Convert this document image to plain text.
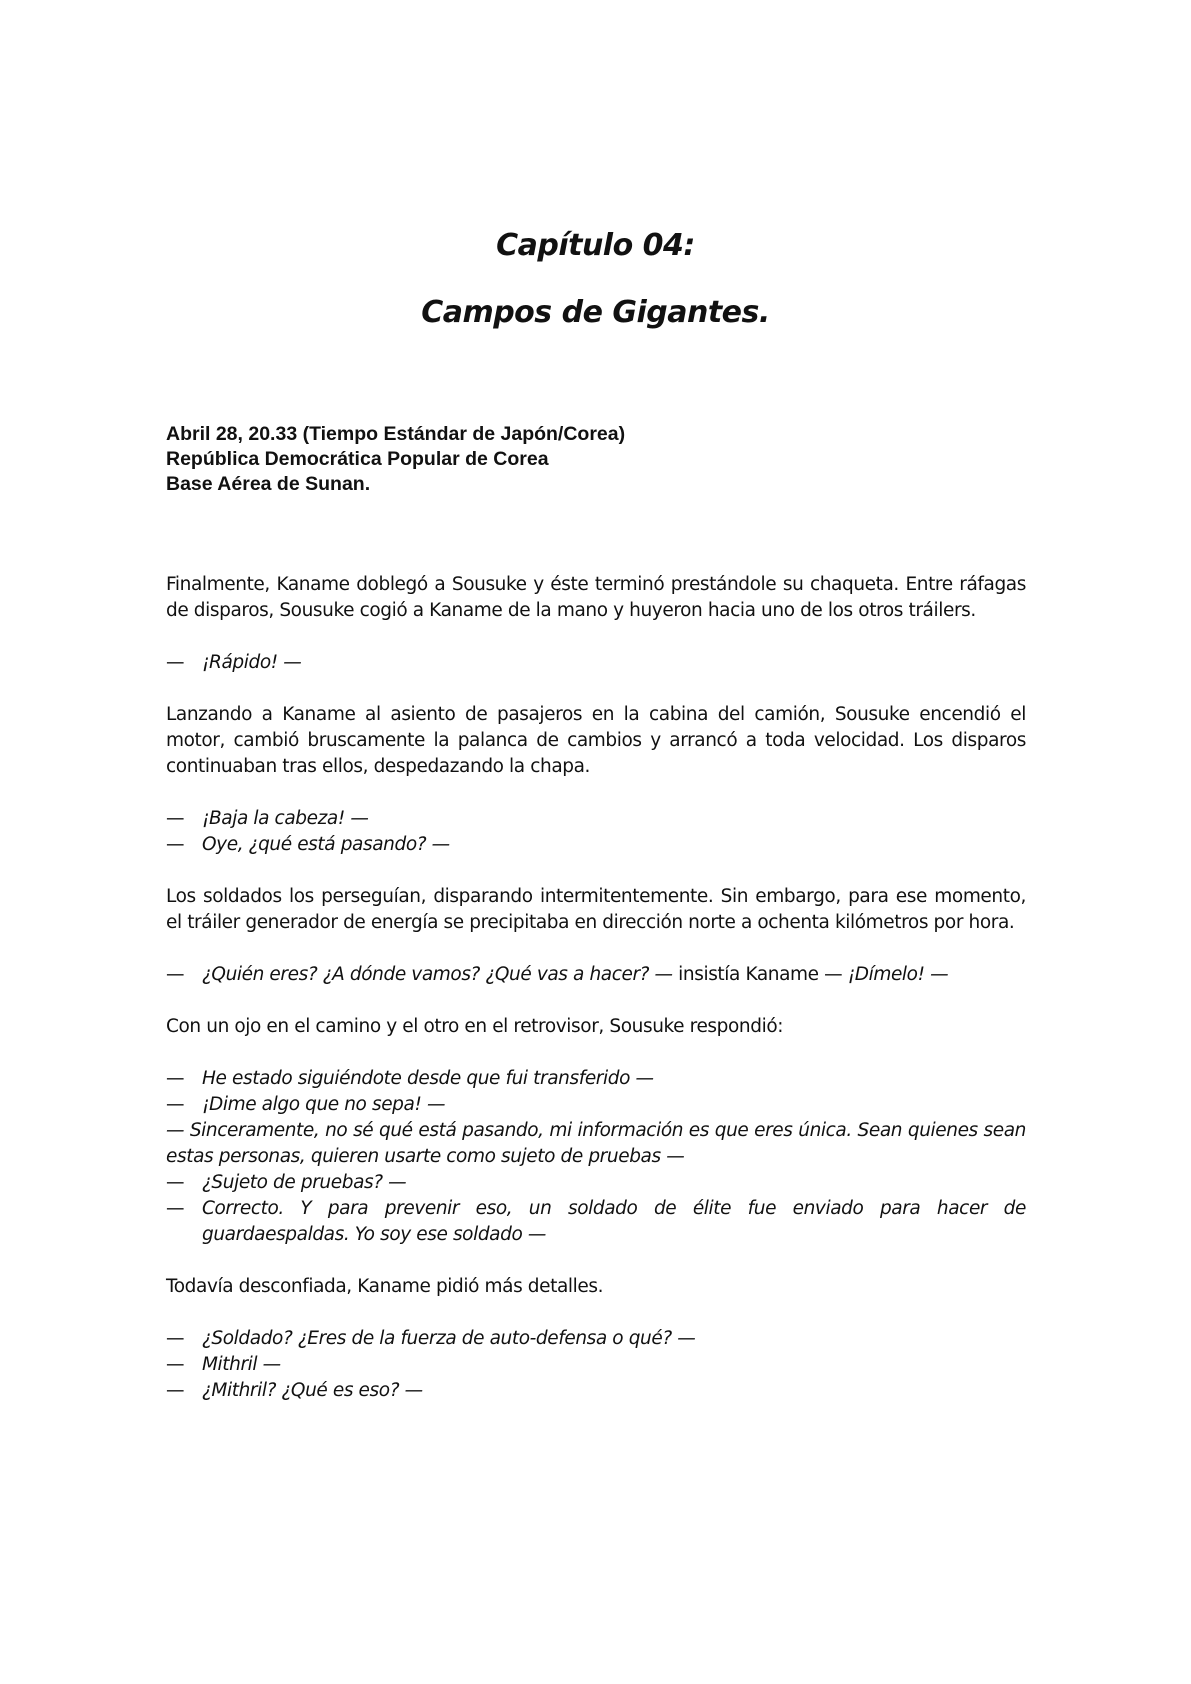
Capítulo 04:
Campos de Gigantes.
Abril 28, 20.33 (Tiempo Estándar de Japón/Corea)
República Democrática Popular de Corea
Base Aérea de Sunan.

Finalmente, Kaname doblegó a Sousuke y éste terminó prestándole su chaqueta. Entre ráfagas de disparos, Sousuke cogió a Kaname de la mano y huyeron hacia uno de los otros tráilers.

— ¡Rápido! —

Lanzando a Kaname al asiento de pasajeros en la cabina del camión, Sousuke encendió el motor, cambió bruscamente la palanca de cambios y arrancó a toda velocidad. Los disparos continuaban tras ellos, despedazando la chapa.

— ¡Baja la cabeza! —
— Oye, ¿qué está pasando? —

Los soldados los perseguían, disparando intermitentemente. Sin embargo, para ese momento, el tráiler generador de energía se precipitaba en dirección norte a ochenta kilómetros por hora.

— ¿Quién eres? ¿A dónde vamos? ¿Qué vas a hacer? — insistía Kaname — ¡Dímelo! —

Con un ojo en el camino y el otro en el retrovisor, Sousuke respondió:

— He estado siguiéndote desde que fui transferido —
— ¡Dime algo que no sepa! —
— Sinceramente, no sé qué está pasando, mi información es que eres única. Sean quienes sean estas personas, quieren usarte como sujeto de pruebas —
— ¿Sujeto de pruebas? —
— Correcto. Y para prevenir eso, un soldado de élite fue enviado para hacer de guardaespaldas. Yo soy ese soldado —

Todavía desconfiada, Kaname pidió más detalles.

— ¿Soldado? ¿Eres de la fuerza de auto-defensa o qué? —
— Mithril —
— ¿Mithril? ¿Qué es eso? —
